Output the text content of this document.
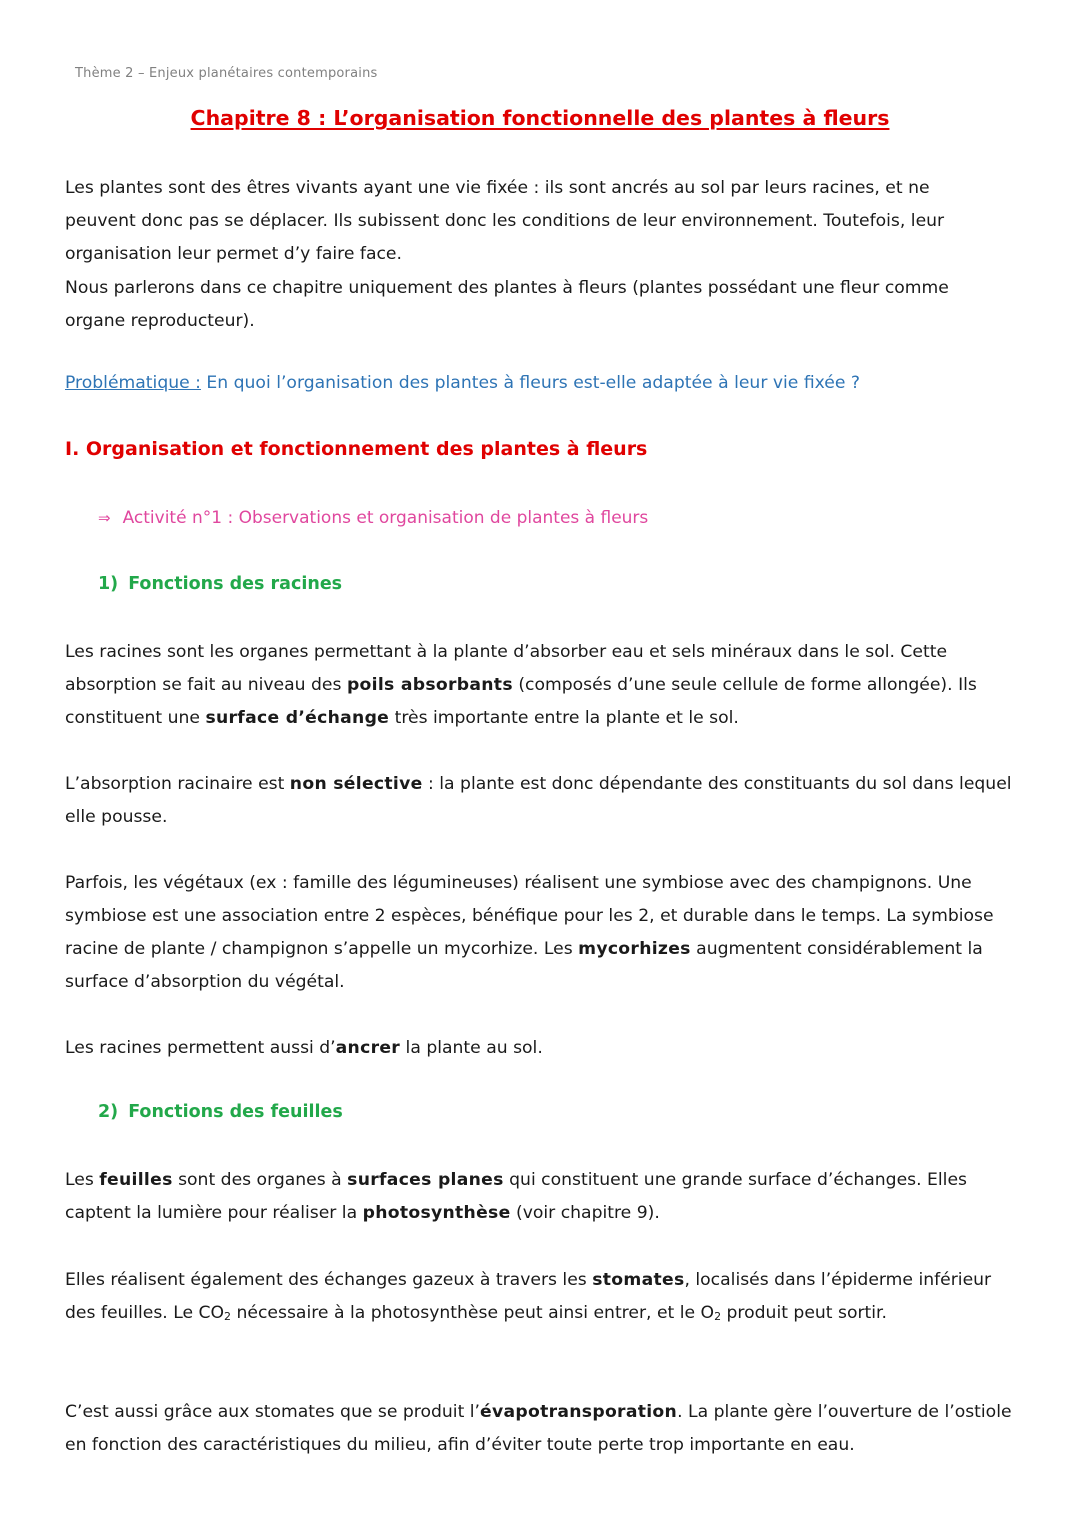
Thème 2 – Enjeux planétaires contemporains
Chapitre 8 : L’organisation fonctionnelle des plantes à fleurs
Les plantes sont des êtres vivants ayant une vie fixée : ils sont ancrés au sol par leurs racines, et ne
peuvent donc pas se déplacer. Ils subissent donc les conditions de leur environnement. Toutefois, leur
organisation leur permet d’y faire face.
Nous parlerons dans ce chapitre uniquement des plantes à fleurs (plantes possédant une fleur comme
organe reproducteur).
Problématique : En quoi l’organisation des plantes à fleurs est-elle adaptée à leur vie fixée ?
I. Organisation et fonctionnement des plantes à fleurs
⇒ Activité n°1 : Observations et organisation de plantes à fleurs
1) Fonctions des racines
Les racines sont les organes permettant à la plante d’absorber eau et sels minéraux dans le sol. Cette absorption se fait au niveau des poils absorbants (composés d’une seule cellule de forme allongée). Ils constituent une surface d’échange très importante entre la plante et le sol.
L’absorption racinaire est non sélective : la plante est donc dépendante des constituants du sol dans lequel elle pousse.
Parfois, les végétaux (ex : famille des légumineuses) réalisent une symbiose avec des champignons. Une symbiose est une association entre 2 espèces, bénéfique pour les 2, et durable dans le temps. La symbiose racine de plante / champignon s’appelle un mycorhize. Les mycorhizes augmentent considérablement la surface d’absorption du végétal.
Les racines permettent aussi d’ancrer la plante au sol.
2) Fonctions des feuilles
Les feuilles sont des organes à surfaces planes qui constituent une grande surface d’échanges. Elles captent la lumière pour réaliser la photosynthèse (voir chapitre 9).
Elles réalisent également des échanges gazeux à travers les stomates, localisés dans l’épiderme inférieur des feuilles. Le $CO_2$ nécessaire à la photosynthèse peut ainsi entrer, et le $O_2$ produit peut sortir.
C’est aussi grâce aux stomates que se produit l’évapotransporation. La plante gère l’ouverture de l’ostiole en fonction des caractéristiques du milieu, afin d’éviter toute perte trop importante en eau.
